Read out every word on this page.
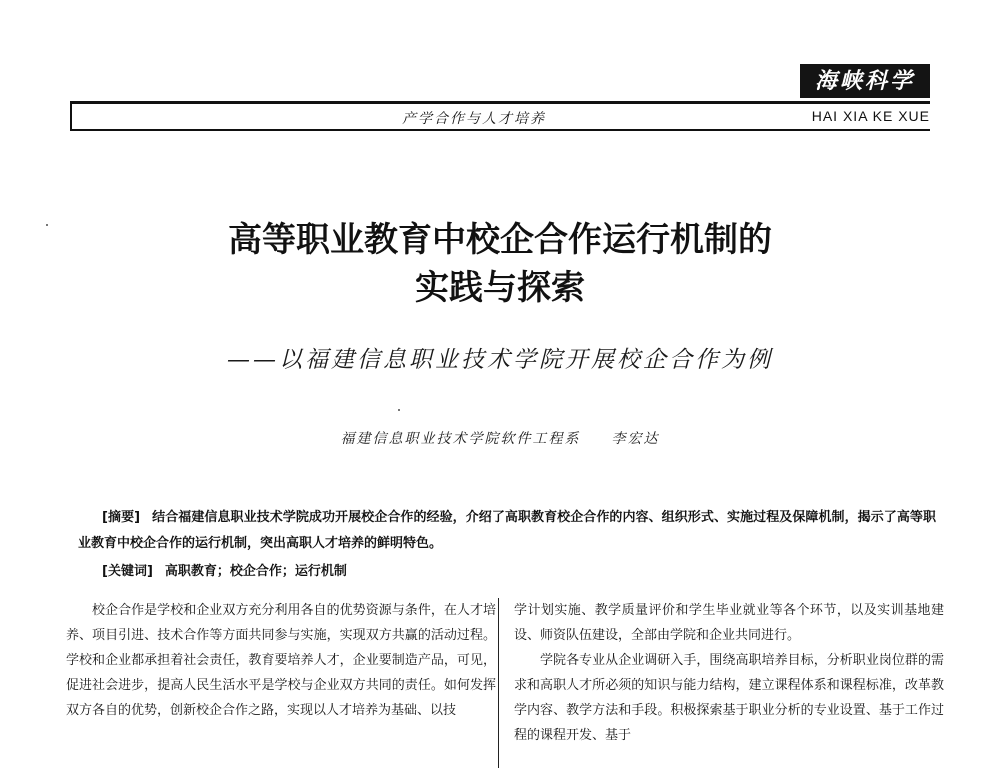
海峡科学
产学合作与人才培养	HAI XIA KE XUE
高等职业教育中校企合作运行机制的
实践与探索
——以福建信息职业技术学院开展校企合作为例
福建信息职业技术学院软件工程系 李宏达

[摘要] 结合福建信息职业技术学院成功开展校企合作的经验，介绍了高职教育校企合作的内容、组织形式、实施过程及保障机制，揭示了高等职业教育中校企合作的运行机制，突出高职人才培养的鲜明特色。

[关键词] 高职教育；校企合作；运行机制

校企合作是学校和企业双方充分利用各自的优势资源与条件，在人才培养、项目引进、技术合作等方面共同参与实施，实现双方共赢的活动过程。学校和企业都承担着社会责任，教育要培养人才，企业要制造产品，可见，促进社会进步，提高人民生活水平是学校与企业双方共同的责任。如何发挥双方各自的优势，创新校企合作之路，实现以人才培养为基础、以技

学计划实施、教学质量评价和学生毕业就业等各个环节，以及实训基地建设、师资队伍建设，全部由学院和企业共同进行。

学院各专业从企业调研入手，围绕高职培养目标，分析职业岗位群的需求和高职人才所必须的知识与能力结构，建立课程体系和课程标准，改革教学内容、教学方法和手段。积极探索基于职业分析的专业设置、基于工作过程的课程开发、基于
